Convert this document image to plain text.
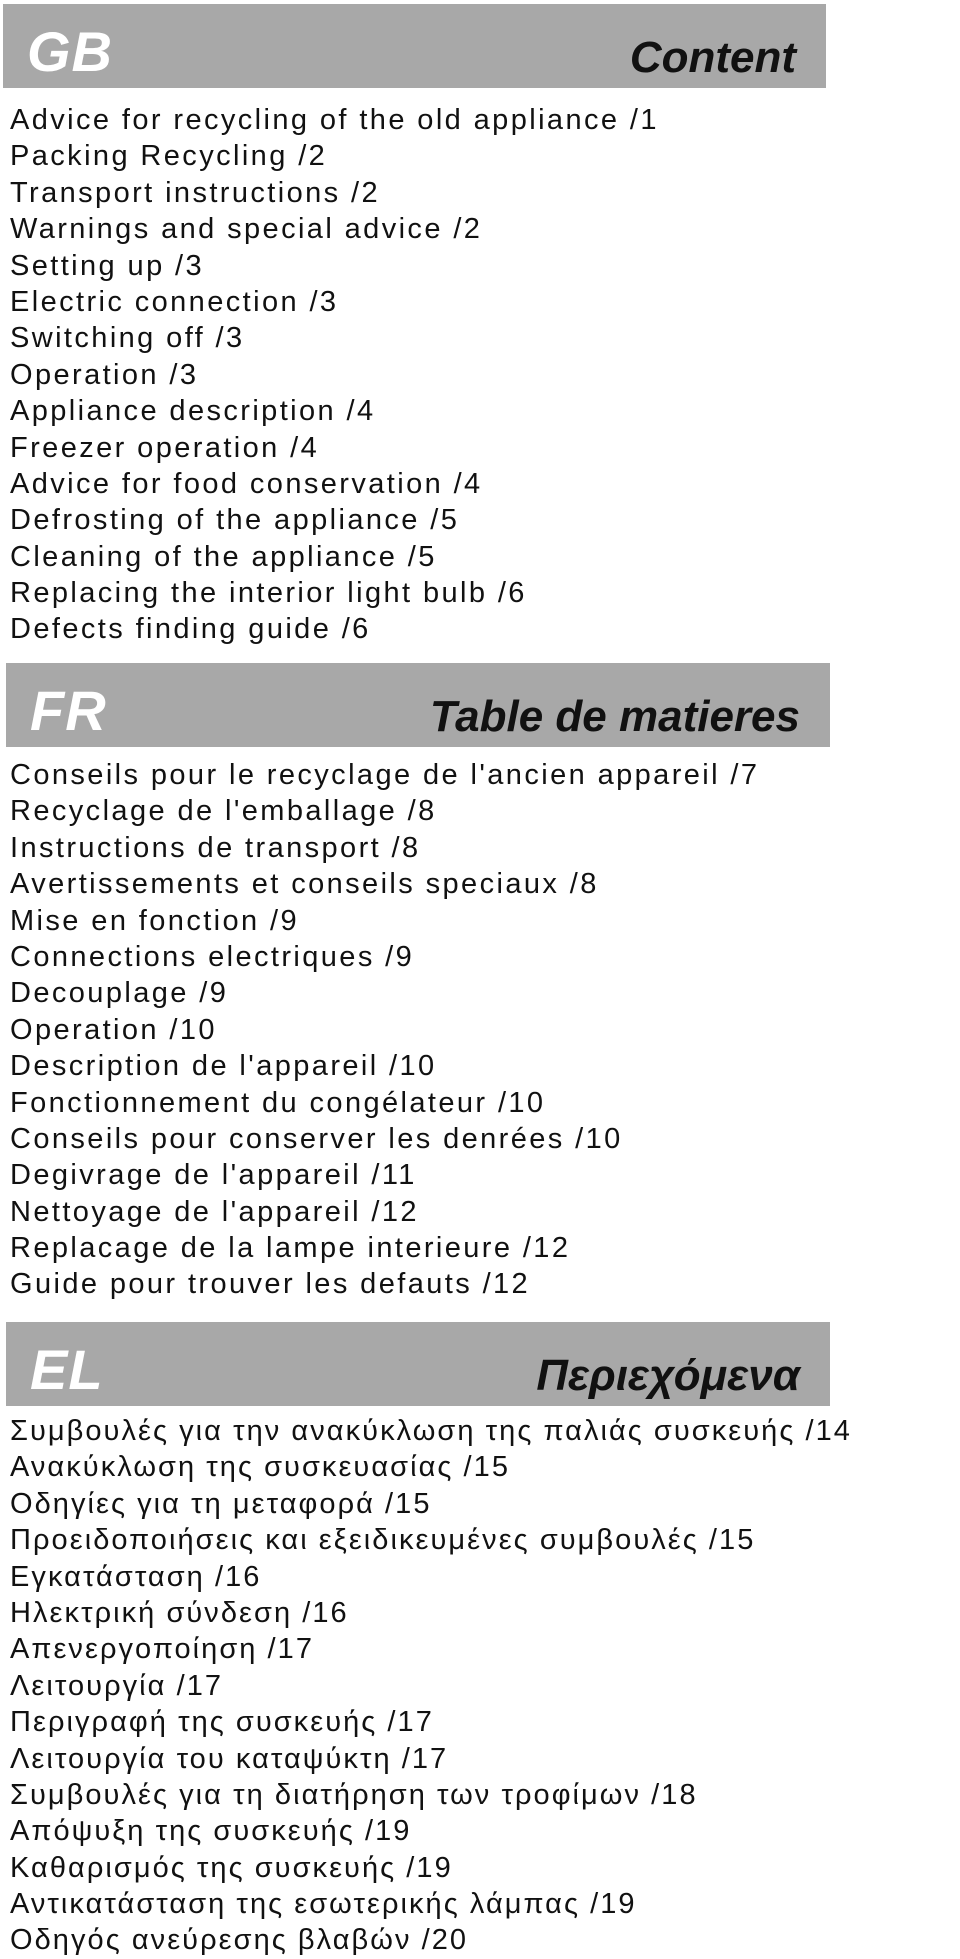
GB	Content
Advice for recycling of the old appliance /1
Packing Recycling /2
Transport instructions /2
Warnings and special advice /2
Setting up /3
Electric connection /3
Switching off /3
Operation /3
Appliance description /4
Freezer operation /4
Advice for food conservation /4
Defrosting of the appliance /5
Cleaning of the appliance /5
Replacing the interior light bulb /6
Defects finding guide /6
FR	Table de matieres
Conseils pour le recyclage de l'ancien appareil /7
Recyclage de l'emballage /8
Instructions de transport /8
Avertissements et conseils speciaux /8
Mise en fonction /9
Connections electriques /9
Decouplage /9
Operation /10
Description de l'appareil /10
Fonctionnement du congélateur /10
Conseils pour conserver les denrées /10
Degivrage de l'appareil /11
Nettoyage de l'appareil /12
Replacage de la lampe interieure /12
Guide pour trouver les defauts /12
EL	Περιεχόμενα
Συμβουλές για την ανακύκλωση της παλιάς συσκευής /14
Ανακύκλωση της συσκευασίας /15
Οδηγίες για τη μεταφορά /15
Προειδοποιήσεις και εξειδικευμένες συμβουλές /15
Εγκατάσταση /16
Ηλεκτρική σύνδεση /16
Απενεργοποίηση /17
Λειτουργία /17
Περιγραφή της συσκευής /17
Λειτουργία του καταψύκτη /17
Συμβουλές για τη διατήρηση των τροφίμων /18
Απόψυξη της συσκευής /19
Καθαρισμός της συσκευής /19
Αντικατάσταση της εσωτερικής λάμπας /19
Οδηγός ανεύρεσης βλαβών /20
